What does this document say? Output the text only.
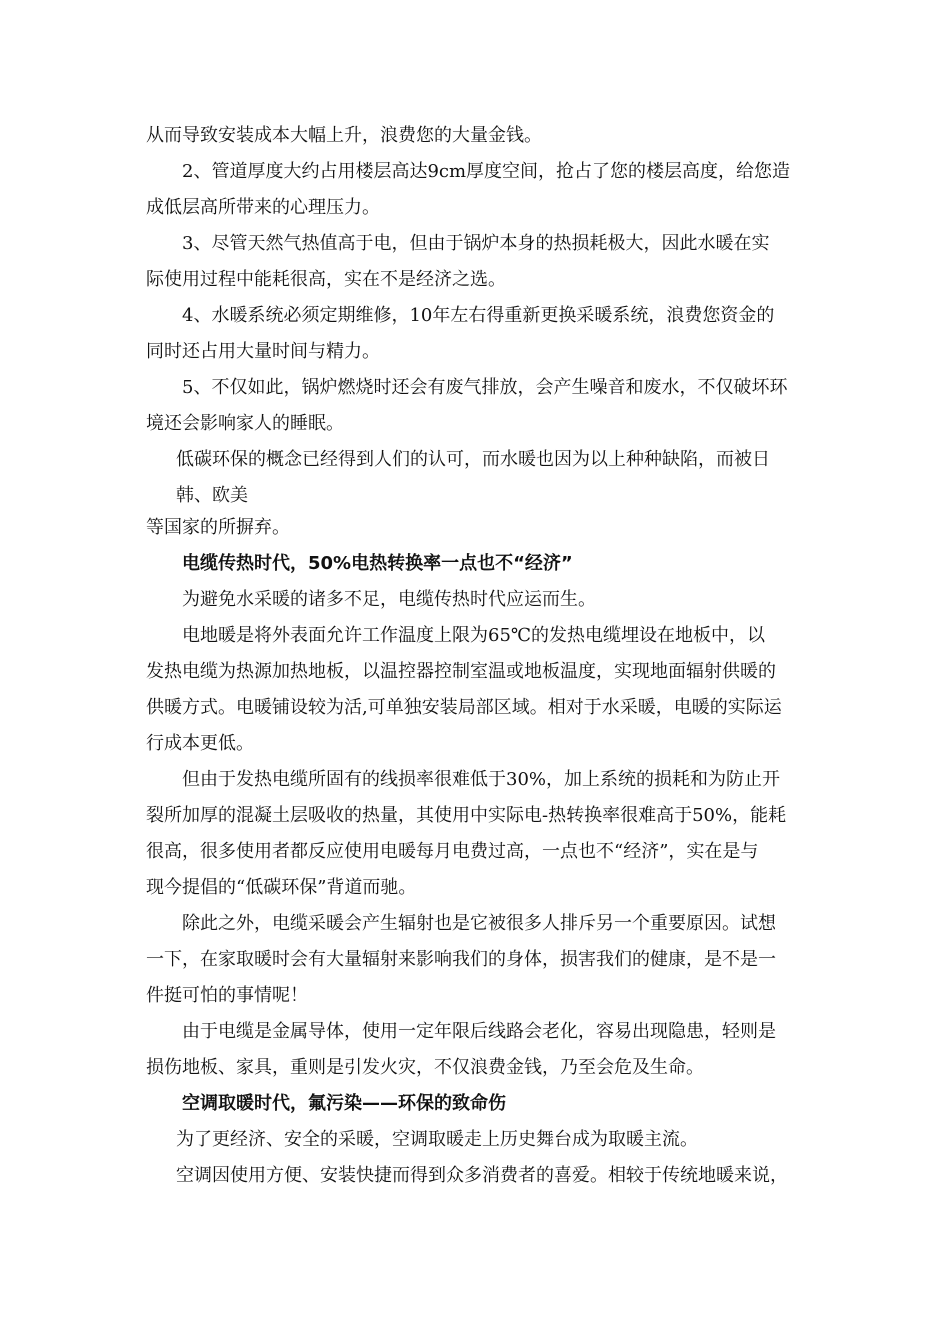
从而导致安装成本大幅上升，浪费您的大量金钱。
2、管道厚度大约占用楼层高达9cm厚度空间，抢占了您的楼层高度，给您造
成低层高所带来的心理压力。
3、尽管天然气热值高于电，但由于锅炉本身的热损耗极大，因此水暖在实
际使用过程中能耗很高，实在不是经济之选。
4、水暖系统必须定期维修，10年左右得重新更换采暖系统，浪费您资金的
同时还占用大量时间与精力。
5、不仅如此，锅炉燃烧时还会有废气排放，会产生噪音和废水，不仅破坏环
境还会影响家人的睡眠。
低碳环保的概念已经得到人们的认可，而水暖也因为以上种种缺陷，而被日
韩、欧美
等国家的所摒弃。
电缆传热时代，50%电热转换率一点也不“经济”
为避免水采暖的诸多不足，电缆传热时代应运而生。
电地暖是将外表面允许工作温度上限为65℃的发热电缆埋设在地板中，以
发热电缆为热源加热地板，以温控器控制室温或地板温度，实现地面辐射供暖的
供暖方式。电暖铺设较为活,可单独安装局部区域。相对于水采暖，电暖的实际运
行成本更低。
但由于发热电缆所固有的线损率很难低于30%，加上系统的损耗和为防止开
裂所加厚的混凝土层吸收的热量，其使用中实际电-热转换率很难高于50%，能耗
很高，很多使用者都反应使用电暖每月电费过高，一点也不“经济”，实在是与
现今提倡的“低碳环保”背道而驰。
除此之外，电缆采暖会产生辐射也是它被很多人排斥另一个重要原因。试想
一下，在家取暖时会有大量辐射来影响我们的身体，损害我们的健康，是不是一
件挺可怕的事情呢！
由于电缆是金属导体，使用一定年限后线路会老化，容易出现隐患，轻则是
损伤地板、家具，重则是引发火灾，不仅浪费金钱，乃至会危及生命。
空调取暖时代，氟污染——环保的致命伤
为了更经济、安全的采暖，空调取暖走上历史舞台成为取暖主流。
空调因使用方便、安装快捷而得到众多消费者的喜爱。相较于传统地暖来说，
